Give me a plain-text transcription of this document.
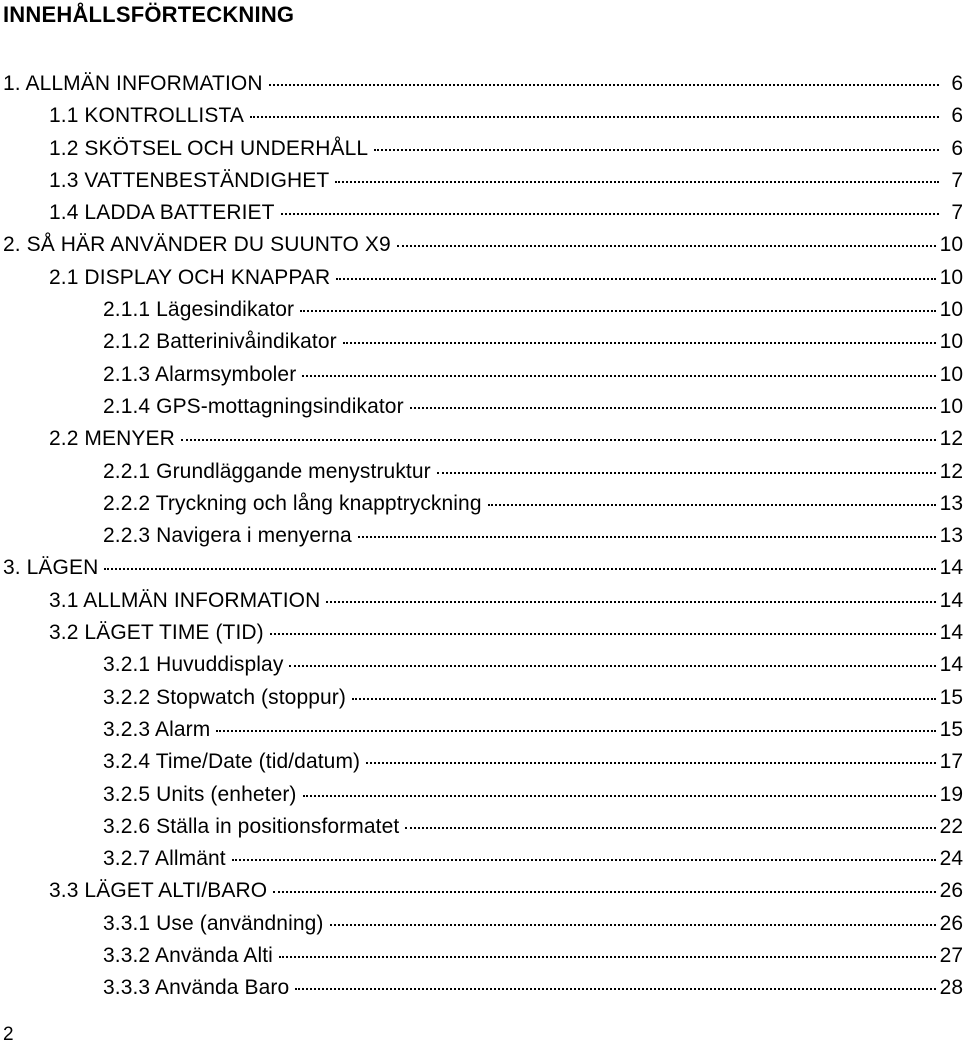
INNEHÅLLSFÖRTECKNING
1. ALLMÄN INFORMATION	6
1.1 KONTROLLISTA	6
1.2 SKÖTSEL OCH UNDERHÅLL	6
1.3 VATTENBESTÄNDIGHET	7
1.4 LADDA BATTERIET	7
2. SÅ HÄR ANVÄNDER DU SUUNTO X9	10
2.1 DISPLAY OCH KNAPPAR	10
2.1.1 Lägesindikator	10
2.1.2 Batterinivåindikator	10
2.1.3 Alarmsymboler	10
2.1.4 GPS-mottagningsindikator	10
2.2 MENYER	12
2.2.1 Grundläggande menystruktur	12
2.2.2 Tryckning och lång knapptryckning	13
2.2.3 Navigera i menyerna	13
3. LÄGEN	14
3.1 ALLMÄN INFORMATION	14
3.2 LÄGET TIME (TID)	14
3.2.1 Huvuddisplay	14
3.2.2 Stopwatch (stoppur)	15
3.2.3 Alarm	15
3.2.4 Time/Date (tid/datum)	17
3.2.5 Units (enheter)	19
3.2.6 Ställa in positionsformatet	22
3.2.7 Allmänt	24
3.3 LÄGET ALTI/BARO	26
3.3.1 Use (användning)	26
3.3.2 Använda Alti	27
3.3.3 Använda Baro	28
2
